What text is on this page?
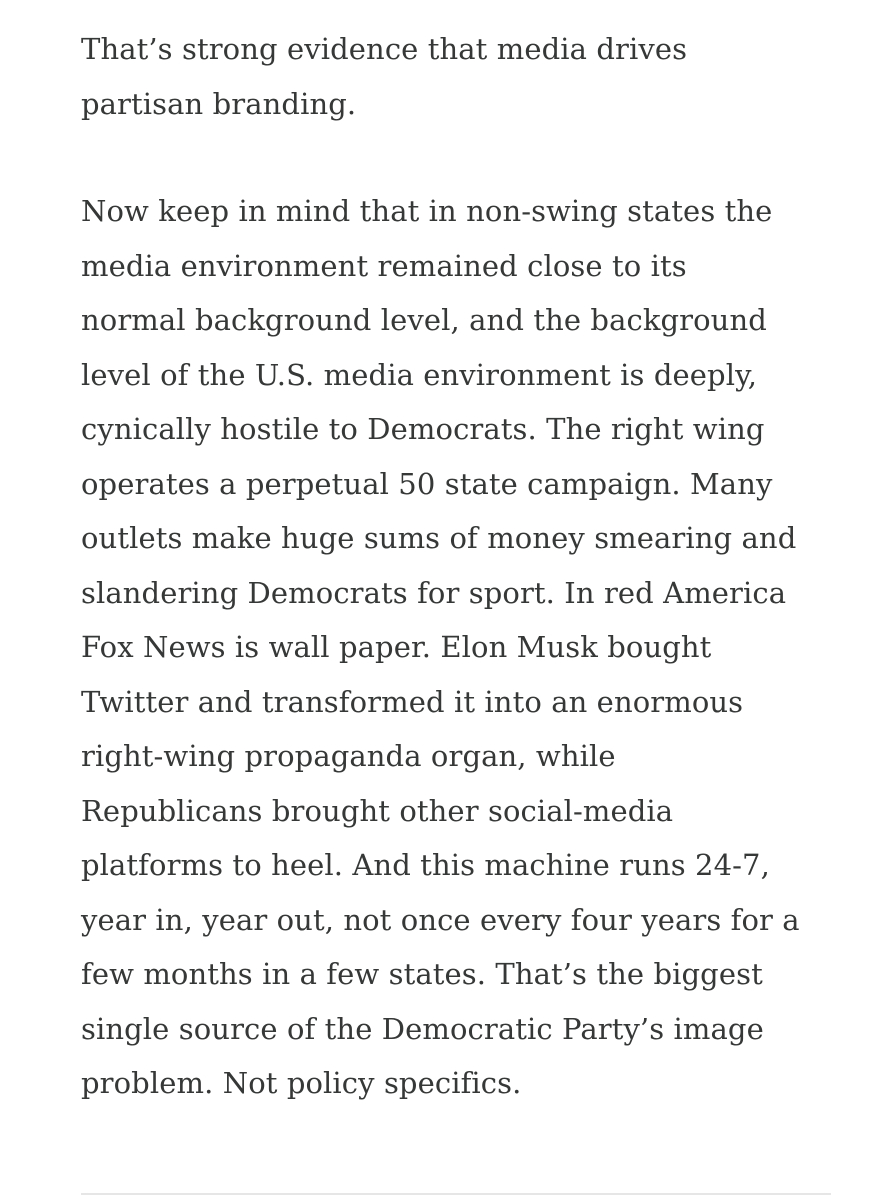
That’s strong evidence that media drives
partisan branding.

Now keep in mind that in non-swing states the
media environment remained close to its
normal background level, and the background
level of the U.S. media environment is deeply,
cynically hostile to Democrats. The right wing
operates a perpetual 50 state campaign. Many
outlets make huge sums of money smearing and
slandering Democrats for sport. In red America
Fox News is wall paper. Elon Musk bought
Twitter and transformed it into an enormous
right-wing propaganda organ, while
Republicans brought other social-media
platforms to heel. And this machine runs 24-7,
year in, year out, not once every four years for a
few months in a few states. That’s the biggest
single source of the Democratic Party’s image
problem. Not policy specifics.
